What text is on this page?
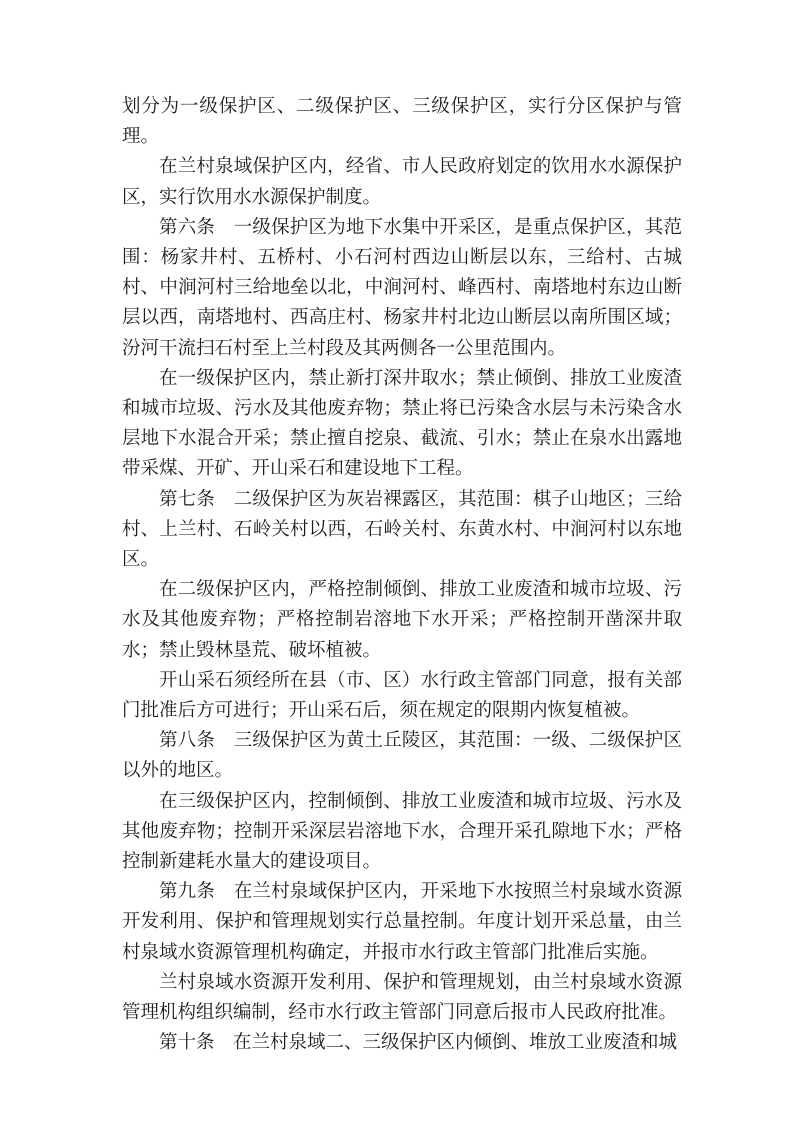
划分为一级保护区、二级保护区、三级保护区，实行分区保护与管理。

在兰村泉域保护区内，经省、市人民政府划定的饮用水水源保护区，实行饮用水水源保护制度。

第六条　一级保护区为地下水集中开采区，是重点保护区，其范围：杨家井村、五桥村、小石河村西边山断层以东，三给村、古城村、中涧河村三给地垒以北，中涧河村、峰西村、南塔地村东边山断层以西，南塔地村、西高庄村、杨家井村北边山断层以南所围区域；汾河干流扫石村至上兰村段及其两侧各一公里范围内。

在一级保护区内，禁止新打深井取水；禁止倾倒、排放工业废渣和城市垃圾、污水及其他废弃物；禁止将已污染含水层与未污染含水层地下水混合开采；禁止擅自挖泉、截流、引水；禁止在泉水出露地带采煤、开矿、开山采石和建设地下工程。

第七条　二级保护区为灰岩裸露区，其范围：棋子山地区；三给村、上兰村、石岭关村以西，石岭关村、东黄水村、中涧河村以东地区。

在二级保护区内，严格控制倾倒、排放工业废渣和城市垃圾、污水及其他废弃物；严格控制岩溶地下水开采；严格控制开凿深井取水；禁止毁林垦荒、破坏植被。

开山采石须经所在县（市、区）水行政主管部门同意，报有关部门批准后方可进行；开山采石后，须在规定的限期内恢复植被。

第八条　三级保护区为黄土丘陵区，其范围：一级、二级保护区以外的地区。

在三级保护区内，控制倾倒、排放工业废渣和城市垃圾、污水及其他废弃物；控制开采深层岩溶地下水，合理开采孔隙地下水；严格控制新建耗水量大的建设项目。

第九条　在兰村泉域保护区内，开采地下水按照兰村泉域水资源开发利用、保护和管理规划实行总量控制。年度计划开采总量，由兰村泉域水资源管理机构确定，并报市水行政主管部门批准后实施。

兰村泉域水资源开发利用、保护和管理规划，由兰村泉域水资源管理机构组织编制，经市水行政主管部门同意后报市人民政府批准。

第十条　在兰村泉域二、三级保护区内倾倒、堆放工业废渣和城
